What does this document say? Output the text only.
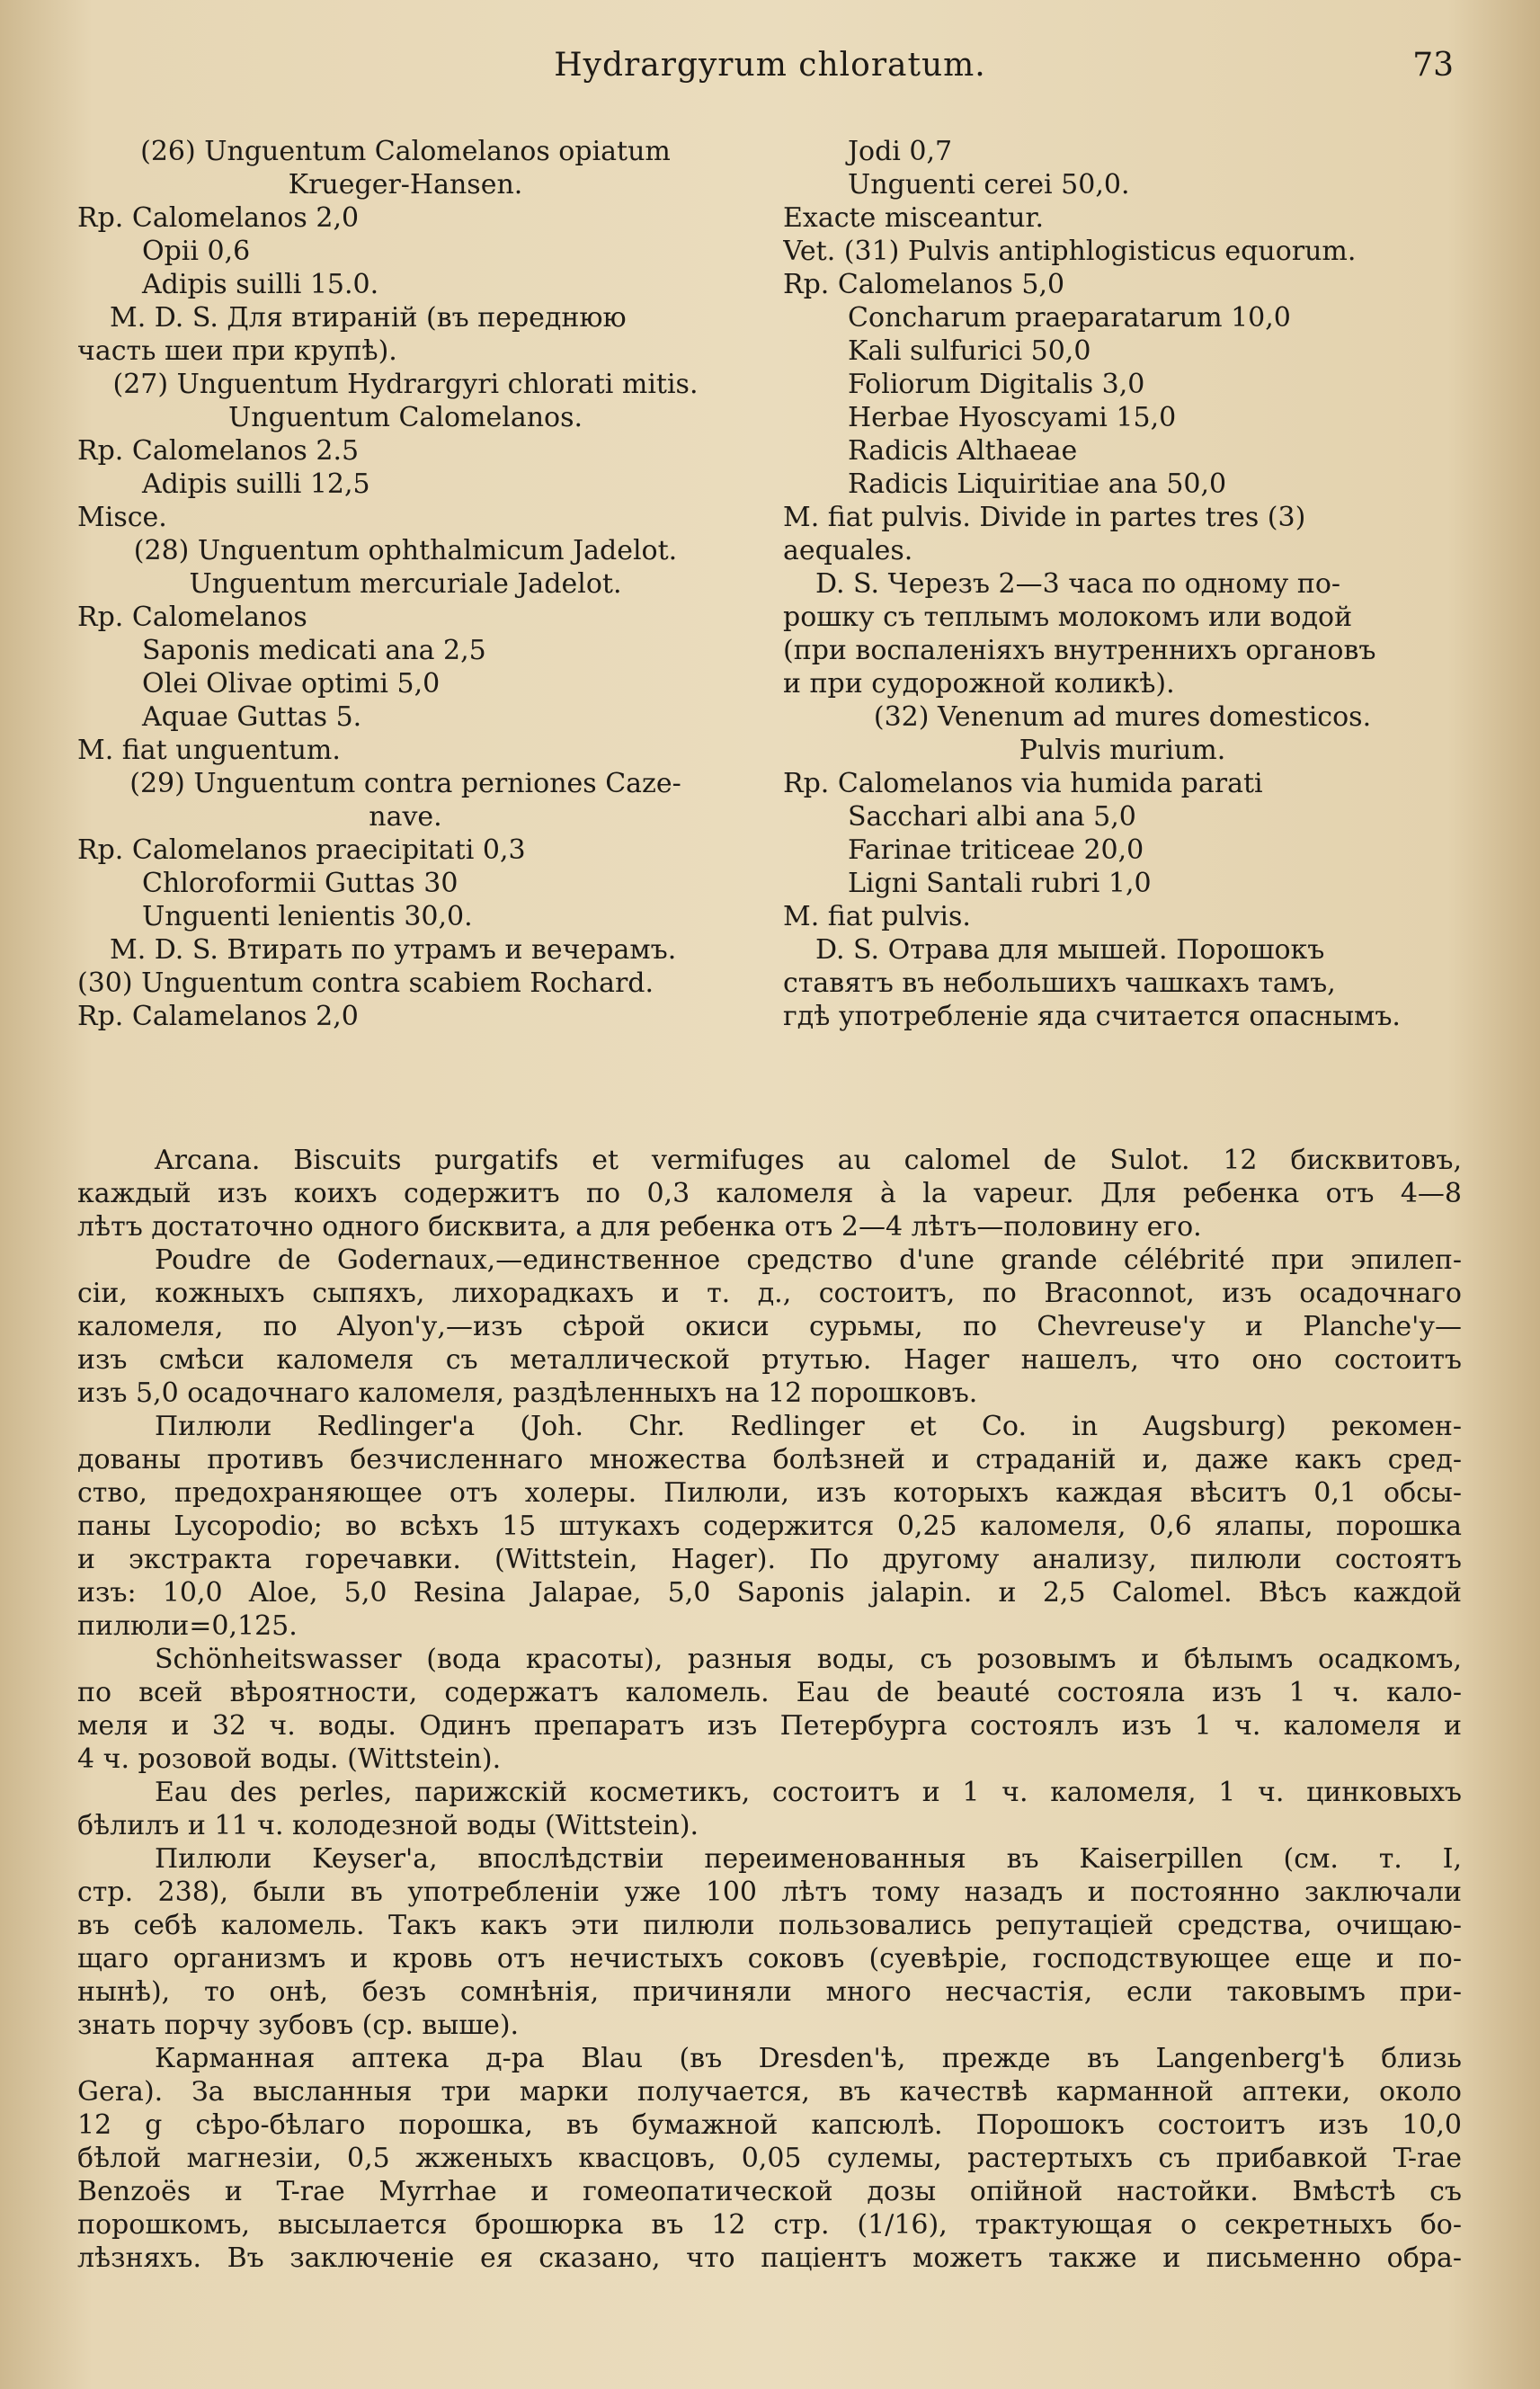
Hydrargyrum chloratum.	73
(26) Unguentum Calomelanos opiatum
Krueger-Hansen.
Rp. Calomelanos 2,0
Opii 0,6
Adipis suilli 15.0.
M. D. S. Для втираній (въ переднюю
часть шеи при крупѣ).
(27) Unguentum Hydrargyri chlorati mitis.
Unguentum Calomelanos.
Rp. Calomelanos 2.5
Adipis suilli 12,5
Misce.
(28) Unguentum ophthalmicum Jadelot.
Unguentum mercuriale Jadelot.
Rp. Calomelanos
Saponis medicati ana 2,5
Olei Olivae optimi 5,0
Aquae Guttas 5.
M. fiat unguentum.
(29) Unguentum contra perniones Caze-
nave.
Rp. Calomelanos praecipitati 0,3
Chloroformii Guttas 30
Unguenti lenientis 30,0.
M. D. S. Втирать по утрамъ и вечерамъ.
(30) Unguentum contra scabiem Rochard.
Rp. Calamelanos 2,0
Jodi 0,7
Unguenti cerei 50,0.
Exacte misceantur.
Vet. (31) Pulvis antiphlogisticus equorum.
Rp. Calomelanos 5,0
Concharum praeparatarum 10,0
Kali sulfurici 50,0
Foliorum Digitalis 3,0
Herbae Hyoscyami 15,0
Radicis Althaeae
Radicis Liquiritiae ana 50,0
M. fiat pulvis. Divide in partes tres (3)
aequales.
D. S. Черезъ 2—3 часа по одному по-
рошку съ теплымъ молокомъ или водой
(при воспаленіяхъ внутреннихъ органовъ
и при судорожной коликѣ).
(32) Venenum ad mures domesticos.
Pulvis murium.
Rp. Calomelanos via humida parati
Sacchari albi ana 5,0
Farinae triticeae 20,0
Ligni Santali rubri 1,0
M. fiat pulvis.
D. S. Отрава для мышей. Порошокъ
ставятъ въ небольшихъ чашкахъ тамъ,
гдѣ употребленіе яда считается опаснымъ.
Arcana. Biscuits purgatifs et vermifuges au calomel de Sulot. 12 бисквитовъ,
каждый изъ коихъ содержитъ по 0,3 каломеля à la vapeur. Для ребенка отъ 4—8
лѣтъ достаточно одного бисквита, а для ребенка отъ 2—4 лѣтъ—половину его.
Poudre de Godernaux,—единственное средство d'une grande célébrité при эпилеп-
сіи, кожныхъ сыпяхъ, лихорадкахъ и т. д., состоитъ, по Braconnot, изъ осадочнаго
каломеля, по Alyon'у,—изъ сѣрой окиси сурьмы, по Chevreuse'у и Planche'у—
изъ смѣси каломеля съ металлической ртутью. Hager нашелъ, что оно состоитъ
изъ 5,0 осадочнаго каломеля, раздѣленныхъ на 12 порошковъ.
Пилюли Redlinger'а (Joh. Chr. Redlinger et Co. in Augsburg) рекомен-
дованы противъ безчисленнаго множества болѣзней и страданій и, даже какъ сред-
ство, предохраняющее отъ холеры. Пилюли, изъ которыхъ каждая вѣситъ 0,1 обсы-
паны Lycopodio; во всѣхъ 15 штукахъ содержится 0,25 каломеля, 0,6 ялапы, порошка
и экстракта горечавки. (Wittstein, Hager). По другому анализу, пилюли состоятъ
изъ: 10,0 Aloe, 5,0 Resina Jalapae, 5,0 Saponis jalapin. и 2,5 Calomel. Вѣсъ каждой
пилюли=0,125.
Schönheitswasser (вода красоты), разныя воды, съ розовымъ и бѣлымъ осадкомъ,
по всей вѣроятности, содержатъ каломель. Eau de beauté состояла изъ 1 ч. кало-
меля и 32 ч. воды. Одинъ препаратъ изъ Петербурга состоялъ изъ 1 ч. каломеля и
4 ч. розовой воды. (Wittstein).
Eau des perles, парижскій косметикъ, состоитъ и 1 ч. каломеля, 1 ч. цинковыхъ
бѣлилъ и 11 ч. колодезной воды (Wittstein).
Пилюли Keyser'а, впослѣдствіи переименованныя въ Kaiserpillen (см. т. I,
стр. 238), были въ употребленіи уже 100 лѣтъ тому назадъ и постоянно заключали
въ себѣ каломель. Такъ какъ эти пилюли пользовались репутаціей средства, очищаю-
щаго организмъ и кровь отъ нечистыхъ соковъ (суевѣріе, господствующее еще и по-
нынѣ), то онѣ, безъ сомнѣнія, причиняли много несчастія, если таковымъ при-
знать порчу зубовъ (ср. выше).
Карманная аптека д-ра Blau (въ Dresden'ѣ, прежде въ Langenberg'ѣ близь
Gera). За высланныя три марки получается, въ качествѣ карманной аптеки, около
12 g сѣро-бѣлаго порошка, въ бумажной капсюлѣ. Порошокъ состоитъ изъ 10,0
бѣлой магнезіи, 0,5 жженыхъ квасцовъ, 0,05 сулемы, растертыхъ съ прибавкой T-rae
Benzoës и T-rae Myrrhae и гомеопатической дозы опійной настойки. Вмѣстѣ съ
порошкомъ, высылается брошюрка въ 12 стр. (1/16), трактующая о секретныхъ бо-
лѣзняхъ. Въ заключеніе ея сказано, что паціентъ можетъ также и письменно обра-
